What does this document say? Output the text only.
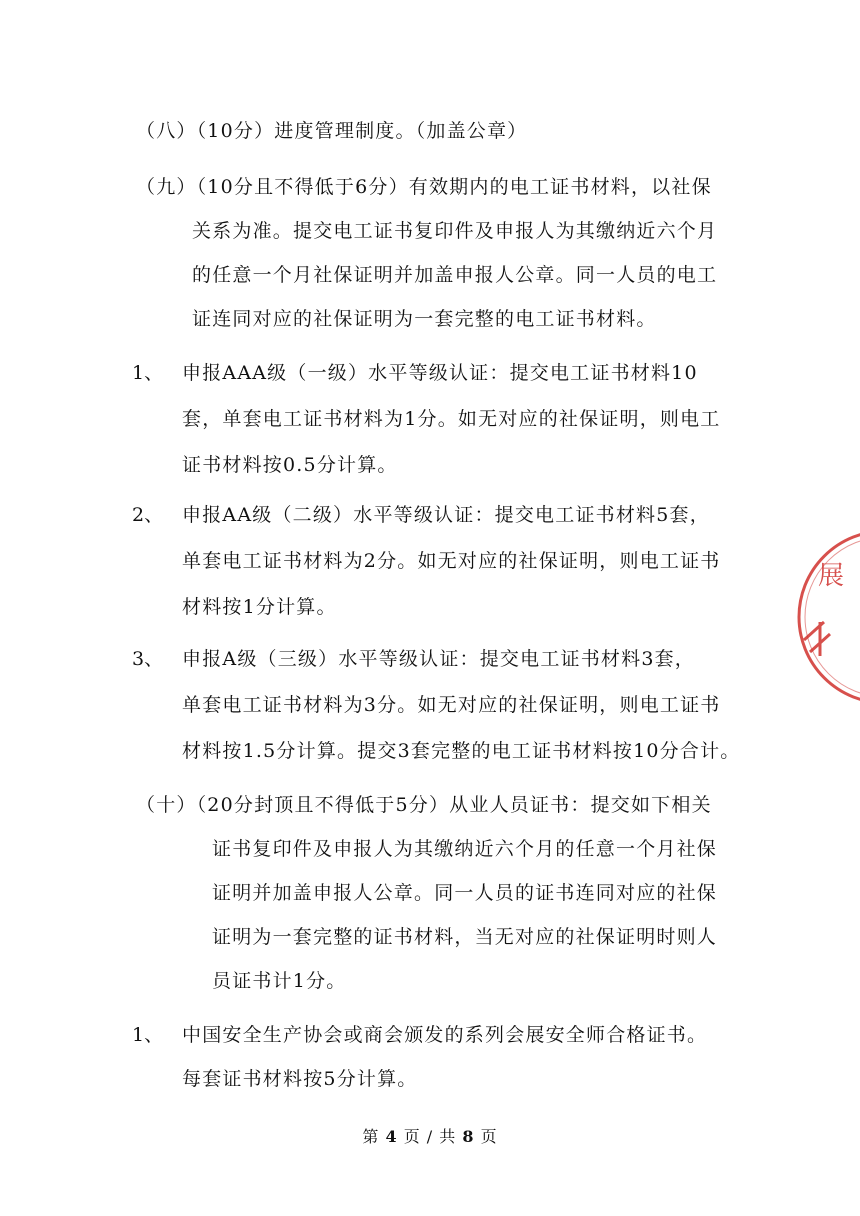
（八）（10分）进度管理制度。（加盖公章）
（九）（10分且不得低于6分）有效期内的电工证书材料，以社保
关系为准。提交电工证书复印件及申报人为其缴纳近六个月
的任意一个月社保证明并加盖申报人公章。同一人员的电工
证连同对应的社保证明为一套完整的电工证书材料。
1、 申报AAA级（一级）水平等级认证：提交电工证书材料10
套，单套电工证书材料为1分。如无对应的社保证明，则电工
证书材料按0.5分计算。
2、 申报AA级（二级）水平等级认证：提交电工证书材料5套，
单套电工证书材料为2分。如无对应的社保证明，则电工证书
材料按1分计算。
3、 申报A级（三级）水平等级认证：提交电工证书材料3套，
单套电工证书材料为3分。如无对应的社保证明，则电工证书
材料按1.5分计算。提交3套完整的电工证书材料按10分合计。
（十）（20分封顶且不得低于5分）从业人员证书：提交如下相关
证书复印件及申报人为其缴纳近六个月的任意一个月社保
证明并加盖申报人公章。同一人员的证书连同对应的社保
证明为一套完整的证书材料，当无对应的社保证明时则人
员证书计1分。
1、 中国安全生产协会或商会颁发的系列会展安全师合格证书。
每套证书材料按5分计算。
第 4 页 / 共 8 页
展
